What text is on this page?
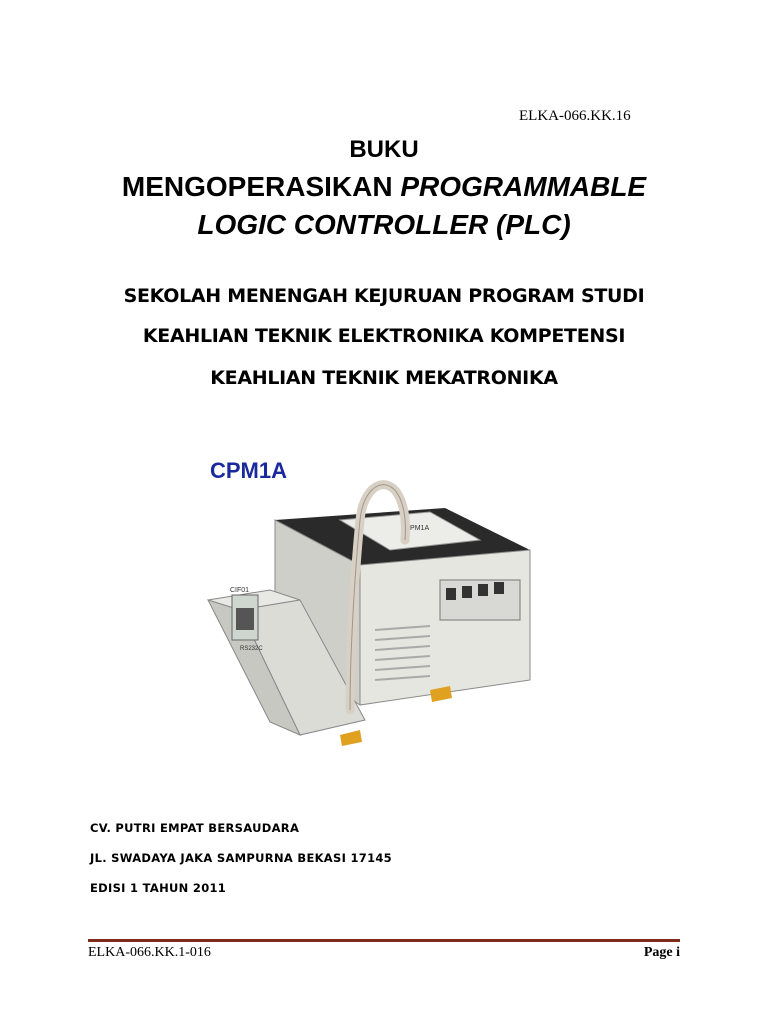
ELKA-066.KK.16
BUKU
MENGOPERASIKAN PROGRAMMABLE
LOGIC CONTROLLER (PLC)
SEKOLAH MENENGAH KEJURUAN PROGRAM STUDI
KEAHLIAN TEKNIK ELEKTRONIKA KOMPETENSI
KEAHLIAN TEKNIK MEKATRONIKA
CPM1A
CPM1A
CIF01
RS232C
CV. PUTRI EMPAT BERSAUDARA
JL. SWADAYA JAKA SAMPURNA BEKASI 17145
EDISI 1 TAHUN 2011
ELKA-066.KK.1-016	Page i
